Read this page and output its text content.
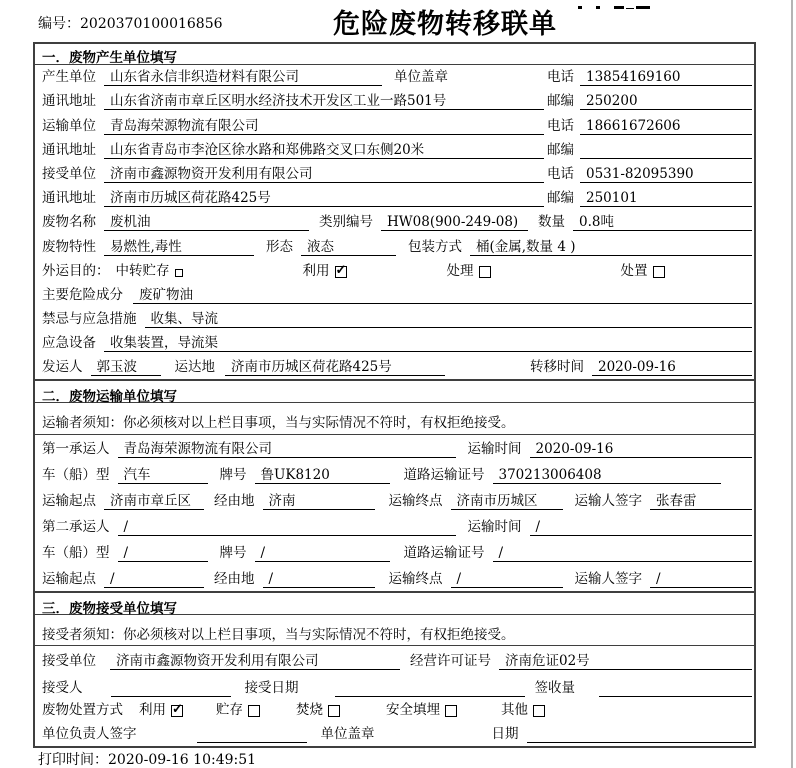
编号：2020370100016856	危险废物转移联单
一．废物产生单位填写
产生单位	山东省永信非织造材料有限公司	单位盖章	电话 13854169160
通讯地址	山东省济南市章丘区明水经济技术开发区工业一路501号	邮编 250200
运输单位	青岛海荣源物流有限公司	电话 18661672606
通讯地址	山东省青岛市李沧区徐水路和郑佛路交叉口东侧20米	邮编
接受单位	济南市鑫源物资开发利用有限公司	电话 0531-82095390
通讯地址	济南市历城区荷花路425号	邮编 250101
废物名称	废机油	类别编号	HW08(900-249-08)	数量	0.8吨
废物特性	易燃性,毒性	形态	液态	包装方式	桶(金属,数量 4 )
外运目的： 中转贮存	利用 ✓	处理	处置
主要危险成分	废矿物油
禁忌与应急措施	收集、导流
应急设备	收集装置，导流渠
发运人	郭玉波	运达地	济南市历城区荷花路425号	转移时间	2020-09-16
二．废物运输单位填写
运输者须知：你必须核对以上栏目事项，当与实际情况不符时，有权拒绝接受。
第一承运人	青岛海荣源物流有限公司	运输时间	2020-09-16
车（船）型	汽车	牌号	鲁UK8120	道路运输证号	370213006408
运输起点	济南市章丘区	经由地	济南	运输终点	济南市历城区	运输人签字	张春雷
第二承运人	/	运输时间	/
车（船）型	/	牌号	/	道路运输证号	/
运输起点	/	经由地	/	运输终点	/	运输人签字	/
三．废物接受单位填写
接受者须知：你必须核对以上栏目事项，当与实际情况不符时，有权拒绝接受。
接受单位	济南市鑫源物资开发利用有限公司	经营许可证号	济南危证02号
接受人	接受日期	签收量
废物处置方式 利用 ✓	贮存	焚烧	安全填埋	其他
单位负责人签字	单位盖章	日期
打印时间：2020-09-16 10:49:51
